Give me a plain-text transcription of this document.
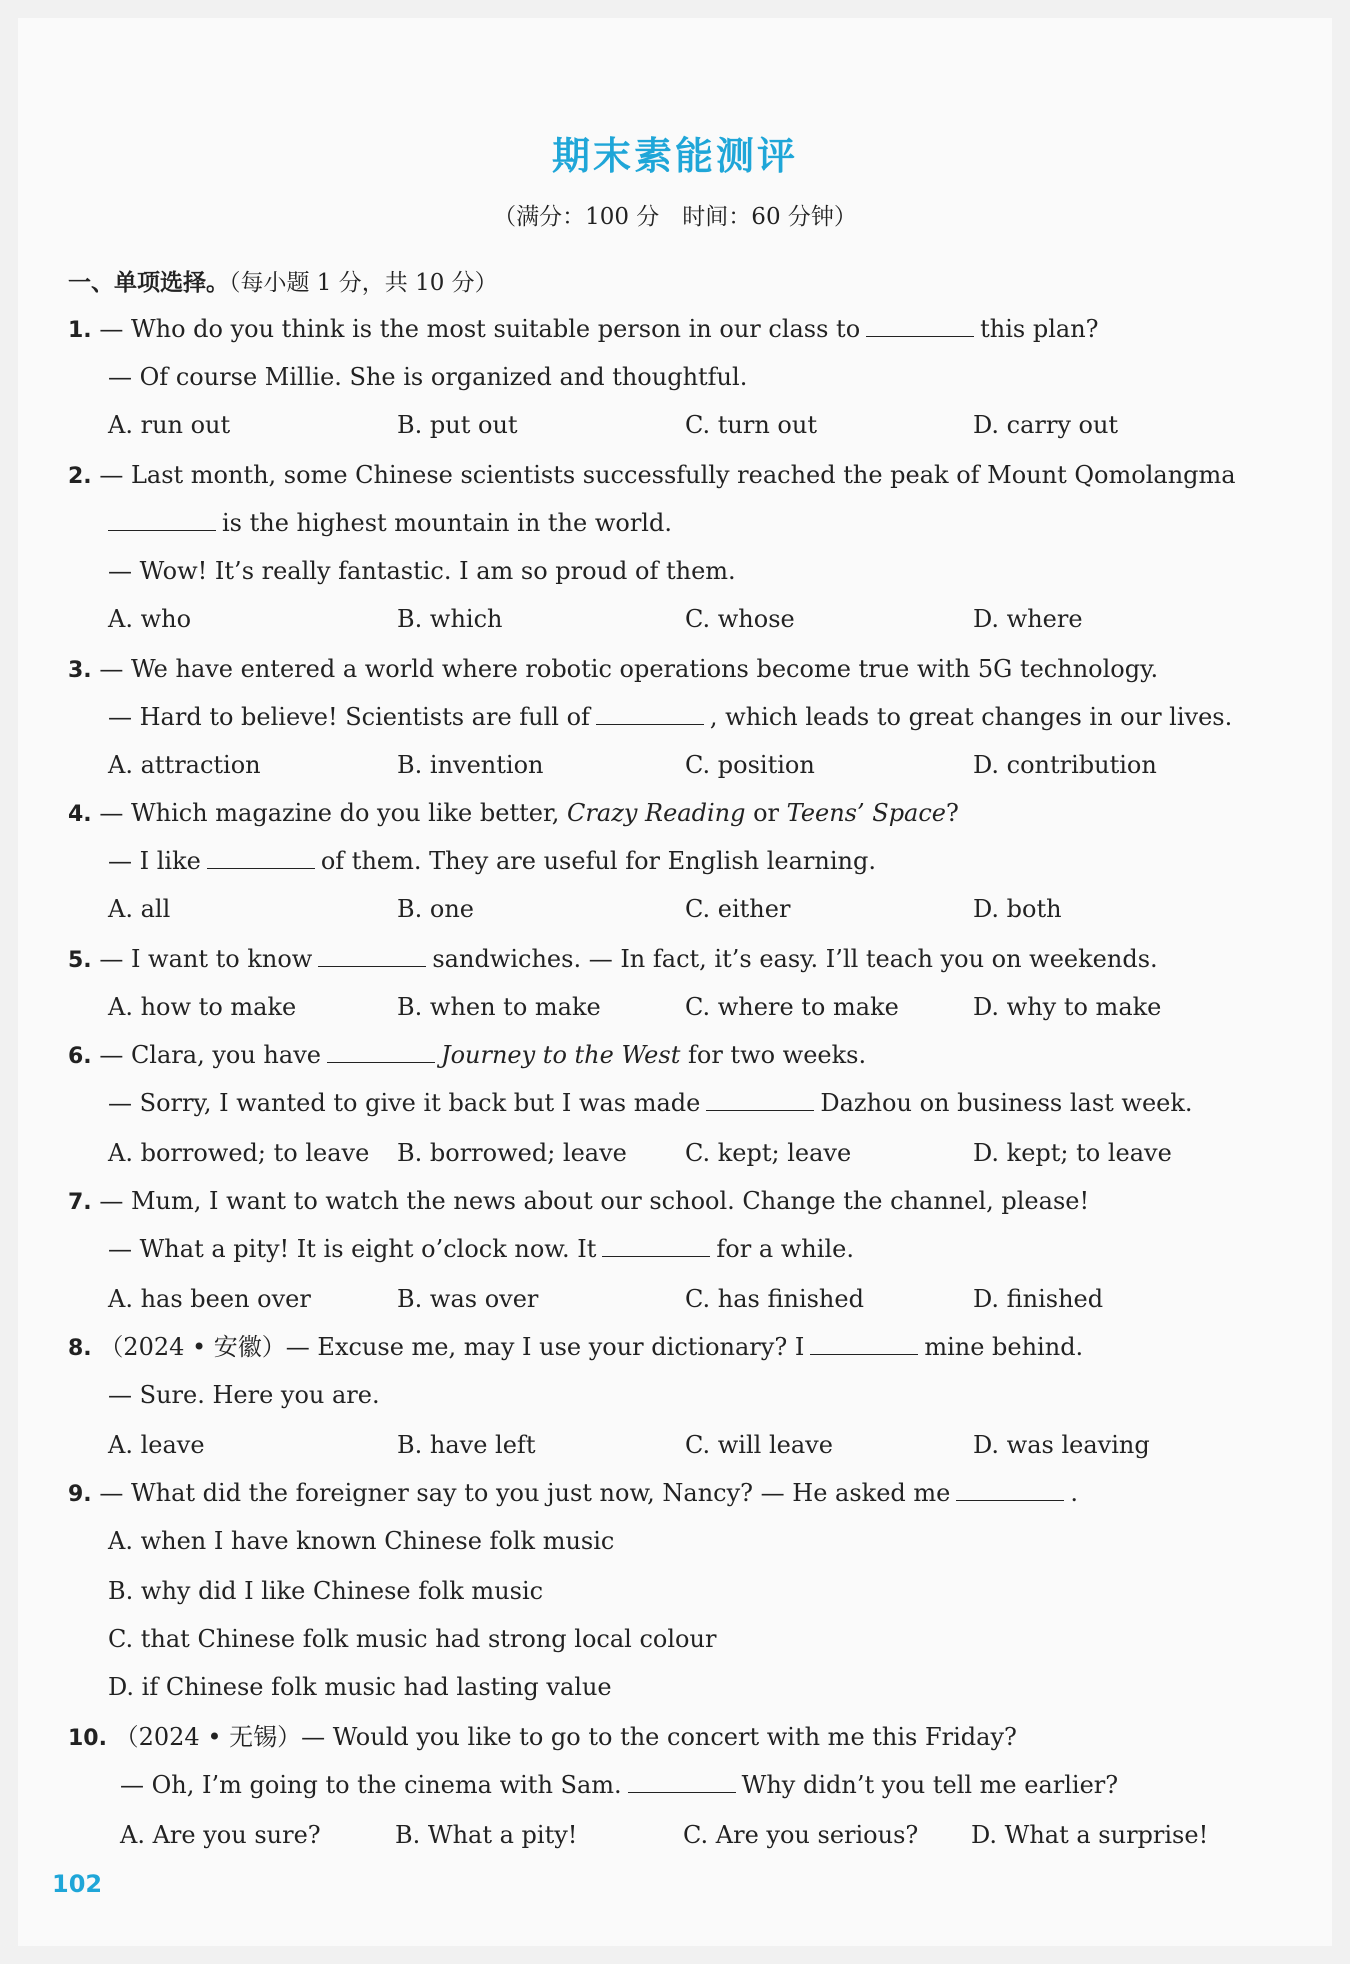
期末素能测评
（满分：100 分　时间：60 分钟）
一、单项选择。（每小题 1 分，共 10 分）
1. — Who do you think is the most suitable person in our class to	this plan?
— Of course Millie. She is organized and thoughtful.
A. run out	B. put out	C. turn out	D. carry out
2. — Last month, some Chinese scientists successfully reached the peak of Mount Qomolangma
is the highest mountain in the world.
— Wow! It’s really fantastic. I am so proud of them.
A. who	B. which	C. whose	D. where
3. — We have entered a world where robotic operations become true with 5G technology.
— Hard to believe! Scientists are full of	, which leads to great changes in our lives.
A. attraction	B. invention	C. position	D. contribution
4. — Which magazine do you like better, Crazy Reading or Teens’ Space?
— I like	of them. They are useful for English learning.
A. all	B. one	C. either	D. both
5. — I want to know	sandwiches. — In fact, it’s easy. I’ll teach you on weekends.
A. how to make	B. when to make	C. where to make	D. why to make
6. — Clara, you have	Journey to the West for two weeks.
— Sorry, I wanted to give it back but I was made	Dazhou on business last week.
A. borrowed; to leave B. borrowed; leave C. kept; leave	D. kept; to leave
7. — Mum, I want to watch the news about our school. Change the channel, please!
— What a pity! It is eight o’clock now. It	for a while.
A. has been over	B. was over	C. has finished	D. finished
8. （2024 • 安徽）— Excuse me, may I use your dictionary? I	mine behind.
— Sure. Here you are.
A. leave	B. have left	C. will leave	D. was leaving
9. — What did the foreigner say to you just now, Nancy? — He asked me	.
A. when I have known Chinese folk music
B. why did I like Chinese folk music
C. that Chinese folk music had strong local colour
D. if Chinese folk music had lasting value
10. （2024 • 无锡）— Would you like to go to the concert with me this Friday?
— Oh, I’m going to the cinema with Sam.	Why didn’t you tell me earlier?
A. Are you sure?	B. What a pity!	C. Are you serious? D. What a surprise!
102
